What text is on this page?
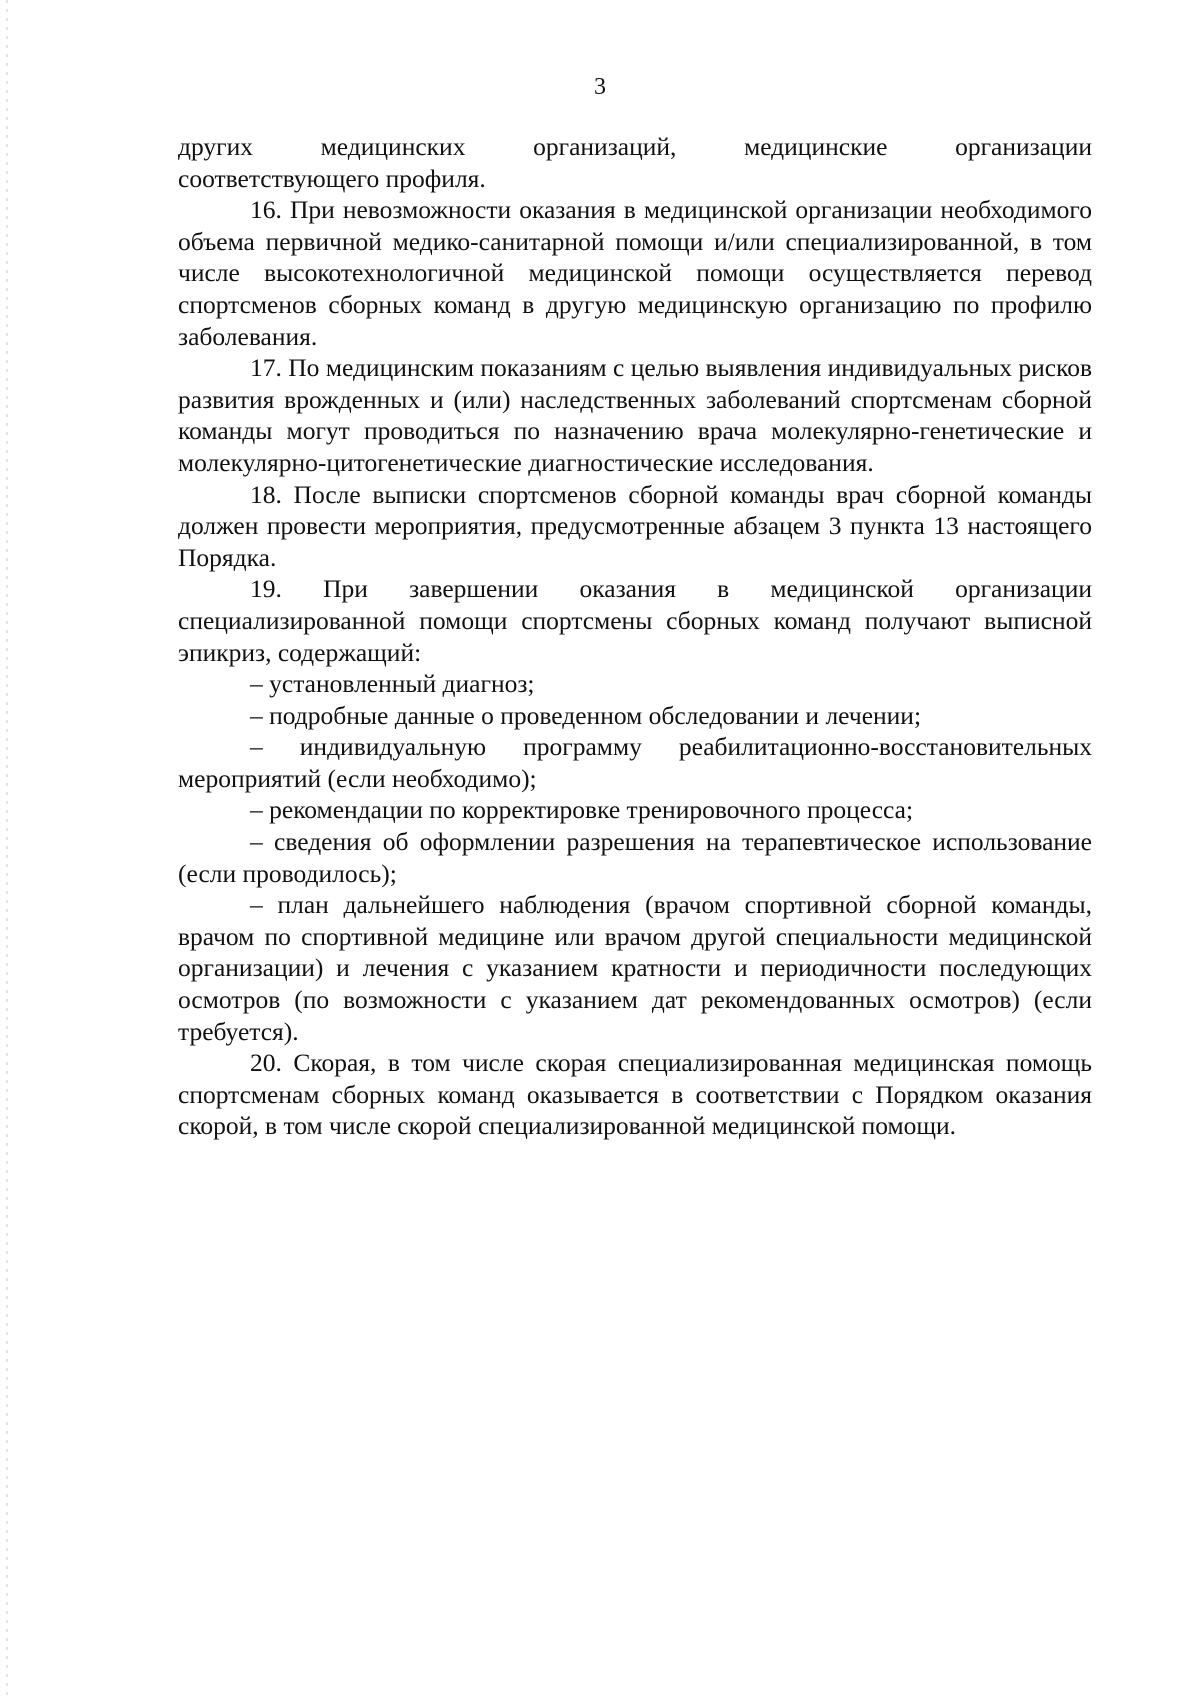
3

других медицинских организаций, медицинские организации

соответствующего профиля.

16. При невозможности оказания в медицинской организации необходимого объема первичной медико-санитарной помощи и/или специализированной, в том числе высокотехнологичной медицинской помощи осуществляется перевод спортсменов сборных команд в другую медицинскую организацию по профилю заболевания.

17. По медицинским показаниям с целью выявления индивидуальных рисков развития врожденных и (или) наследственных заболеваний спортсменам сборной команды могут проводиться по назначению врача молекулярно-генетические и молекулярно-цитогенетические диагностические исследования.

18. После выписки спортсменов сборной команды врач сборной команды должен провести мероприятия, предусмотренные абзацем 3 пункта 13 настоящего Порядка.

19. При завершении оказания в медицинской организации специализированной помощи спортсмены сборных команд получают выписной эпикриз, содержащий:

– установленный диагноз;

– подробные данные о проведенном обследовании и лечении;

– индивидуальную программу реабилитационно-восстановительных мероприятий (если необходимо);

– рекомендации по корректировке тренировочного процесса;

– сведения об оформлении разрешения на терапевтическое использование (если проводилось);

– план дальнейшего наблюдения (врачом спортивной сборной команды, врачом по спортивной медицине или врачом другой специальности медицинской организации) и лечения с указанием кратности и периодичности последующих осмотров (по возможности с указанием дат рекомендованных осмотров) (если требуется).

20. Скорая, в том числе скорая специализированная медицинская помощь спортсменам сборных команд оказывается в соответствии с Порядком оказания скорой, в том числе скорой специализированной медицинской помощи.
